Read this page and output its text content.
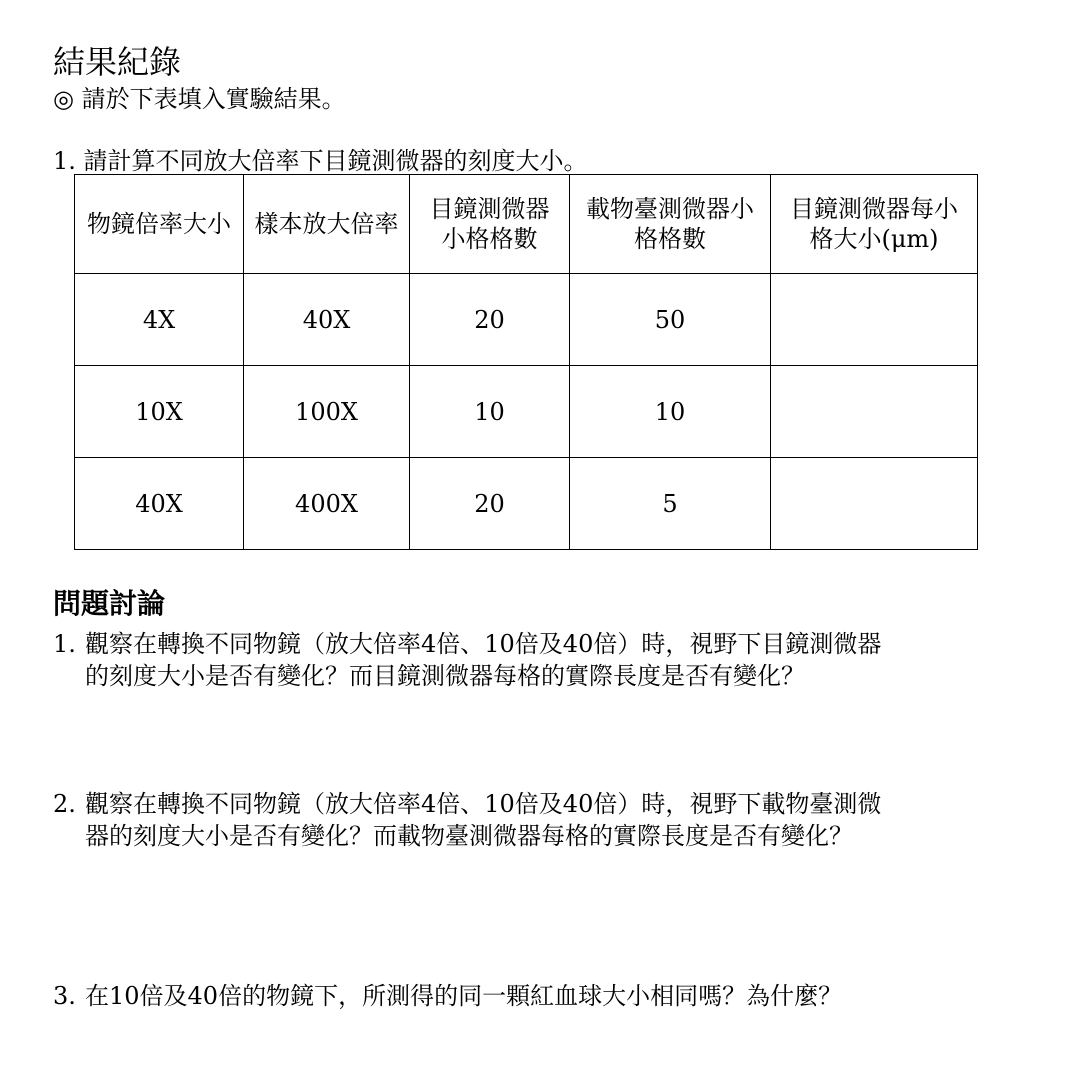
結果紀錄
◎ 請於下表填入實驗結果。
1. 請計算不同放大倍率下目鏡測微器的刻度大小。
物鏡倍率大小	樣本放大倍率	目鏡測微器小格格數	載物臺測微器小格格數	目鏡測微器每小格大小(μm)

4X	40X	20	50	
10X	100X	10	10	
40X	400X	20	5	
問題討論
1. 觀察在轉換不同物鏡（放大倍率4倍、10倍及40倍）時，視野下目鏡測微器
的刻度大小是否有變化？而目鏡測微器每格的實際長度是否有變化？
2. 觀察在轉換不同物鏡（放大倍率4倍、10倍及40倍）時，視野下載物臺測微
器的刻度大小是否有變化？而載物臺測微器每格的實際長度是否有變化？
3. 在10倍及40倍的物鏡下，所測得的同一顆紅血球大小相同嗎？為什麼？
